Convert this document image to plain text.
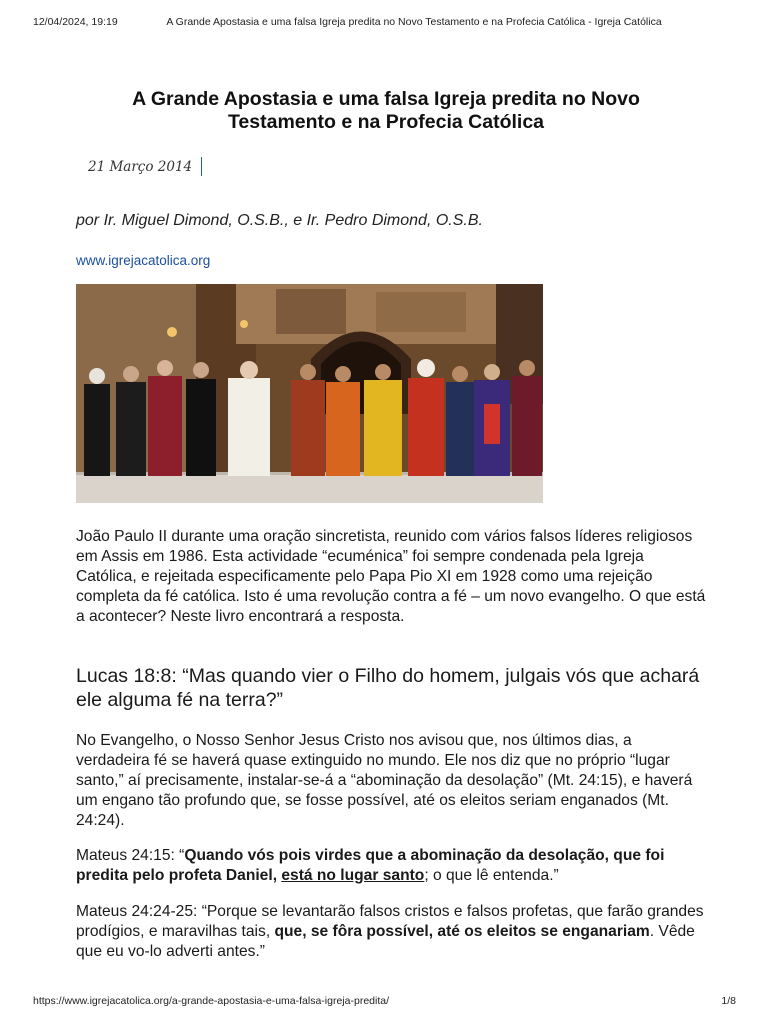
12/04/2024, 19:19	A Grande Apostasia e uma falsa Igreja predita no Novo Testamento e na Profecia Católica - Igreja Católica
A Grande Apostasia e uma falsa Igreja predita no Novo Testamento e na Profecia Católica
21 Março 2014
por Ir. Miguel Dimond, O.S.B., e Ir. Pedro Dimond, O.S.B.
www.igrejacatolica.org

João Paulo II durante uma oração sincretista, reunido com vários falsos líderes religiosos em Assis em 1986. Esta actividade “ecuménica” foi sempre condenada pela Igreja Católica, e rejeitada especificamente pelo Papa Pio XI em 1928 como uma rejeição completa da fé católica. Isto é uma revolução contra a fé – um novo evangelho. O que está a acontecer? Neste livro encontrará a resposta.

Lucas 18:8: “Mas quando vier o Filho do homem, julgais vós que achará ele alguma fé na terra?”

No Evangelho, o Nosso Senhor Jesus Cristo nos avisou que, nos últimos dias, a verdadeira fé se haverá quase extinguido no mundo. Ele nos diz que no próprio “lugar santo,” aí precisamente, instalar-se-á a “abominação da desolação” (Mt. 24:15), e haverá um engano tão profundo que, se fosse possível, até os eleitos seriam enganados (Mt. 24:24).

Mateus 24:15: “Quando vós pois virdes que a abominação da desolação, que foi predita pelo profeta Daniel, está no lugar santo; o que lê entenda.”

Mateus 24:24-25: “Porque se levantarão falsos cristos e falsos profetas, que farão grandes prodígios, e maravilhas tais, que, se fôra possível, até os eleitos se enganariam. Vêde que eu vo-lo adverti antes.”

https://www.igrejacatolica.org/a-grande-apostasia-e-uma-falsa-igreja-predita/	1/8
